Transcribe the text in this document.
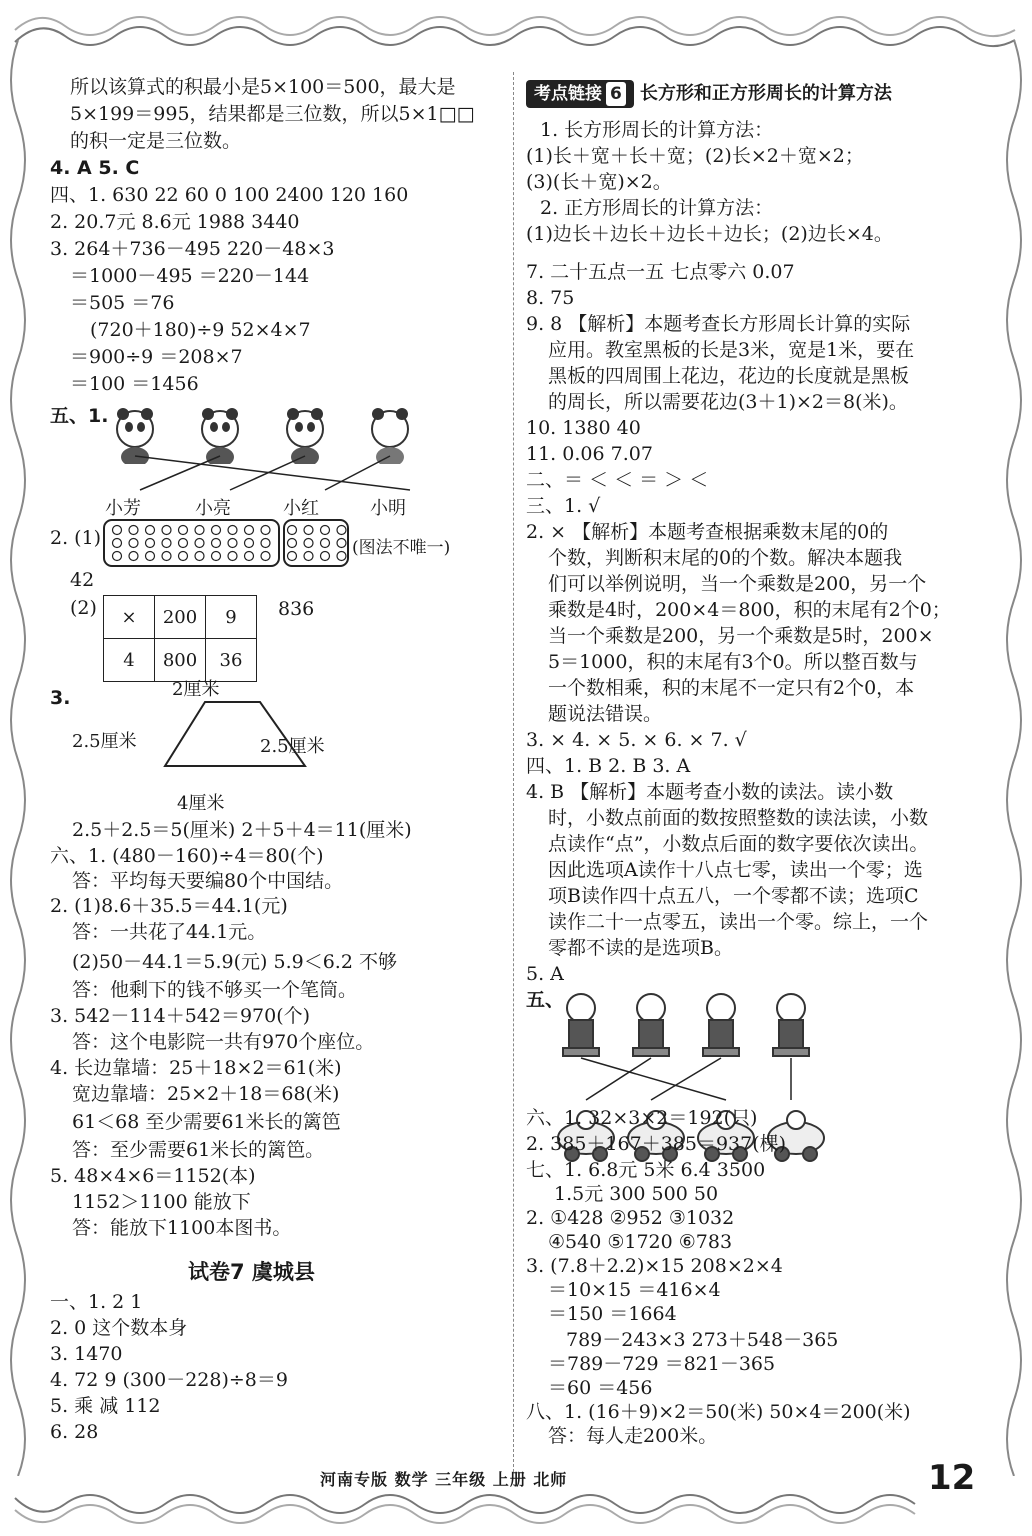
所以该算式的积最小是5×100＝500，最大是
5×199＝995，结果都是三位数，所以5×1□□
的积一定是三位数。
4. A 5. C
四、1. 630 22 60 0 100 2400 120 160
2. 20.7元 8.6元 1988 3440
3. 264＋736－495 220－48×3
＝1000－495 ＝220－144
＝505 ＝76
(720＋180)÷9 52×4×7
＝900÷9 ＝208×7
＝100 ＝1456
五、1.
小芳	小亮	小红	小明
2. (1)	(图法不唯一)
42
(2) ×	200	9
4	800	36
836
3.	2厘米
2.5厘米	2.5厘米
4厘米
2.5＋2.5＝5(厘米) 2＋5＋4＝11(厘米)
六、1. (480－160)÷4＝80(个)
答：平均每天要编80个中国结。
2. (1)8.6＋35.5＝44.1(元)
答：一共花了44.1元。
(2)50－44.1＝5.9(元) 5.9＜6.2 不够
答：他剩下的钱不够买一个笔筒。
3. 542－114＋542＝970(个)
答：这个电影院一共有970个座位。
4. 长边靠墙：25＋18×2＝61(米)
宽边靠墙：25×2＋18＝68(米)
61＜68 至少需要61米长的篱笆
答：至少需要61米长的篱笆。
5. 48×4×6＝1152(本)
1152＞1100 能放下
答：能放下1100本图书。
试卷7 虞城县
一、1. 2 1
2. 0 这个数本身
3. 1470
4. 72 9 (300－228)÷8＝9
5. 乘 减 112
6. 28
考点链接 6 长方形和正方形周长的计算方法
1. 长方形周长的计算方法：
(1)长＋宽＋长＋宽；(2)长×2＋宽×2；
(3)(长＋宽)×2。
2. 正方形周长的计算方法：
(1)边长＋边长＋边长＋边长；(2)边长×4。
7. 二十五点一五 七点零六 0.07
8. 75
9. 8 【解析】本题考查长方形周长计算的实际
应用。教室黑板的长是3米，宽是1米，要在
黑板的四周围上花边，花边的长度就是黑板
的周长，所以需要花边(3＋1)×2＝8(米)。
10. 1380 40
11. 0.06 7.07
二、＝ ＜ ＜ ＝ ＞ ＜
三、1. √
2. × 【解析】本题考查根据乘数末尾的0的
个数，判断积末尾的0的个数。解决本题我
们可以举例说明，当一个乘数是200，另一个
乘数是4时，200×4＝800，积的末尾有2个0；
当一个乘数是200，另一个乘数是5时，200×
5＝1000，积的末尾有3个0。所以整百数与
一个数相乘，积的末尾不一定只有2个0，本
题说法错误。
3. × 4. × 5. × 6. × 7. √
四、1. B 2. B 3. A
4. B 【解析】本题考查小数的读法。读小数
时，小数点前面的数按照整数的读法读，小数
点读作“点”，小数点后面的数字要依次读出。
因此选项A读作十八点七零，读出一个零；选
项B读作四十点五八，一个零都不读；选项C
读作二十一点零五，读出一个零。综上，一个
零都不读的是选项B。
5. A
五、
六、1. 32×3×2＝192(只)
2. 385＋167＋385＝937(棵)
七、1. 6.8元 5米 6.4 3500
1.5元 300 500 50
2. ①428 ②952 ③1032
④540 ⑤1720 ⑥783
3. (7.8＋2.2)×15 208×2×4
＝10×15 ＝416×4
＝150 ＝1664
789－243×3 273＋548－365
＝789－729 ＝821－365
＝60 ＝456
八、1. (16＋9)×2＝50(米) 50×4＝200(米)
答：每人走200米。
河南专版 数学 三年级 上册 北师	12
